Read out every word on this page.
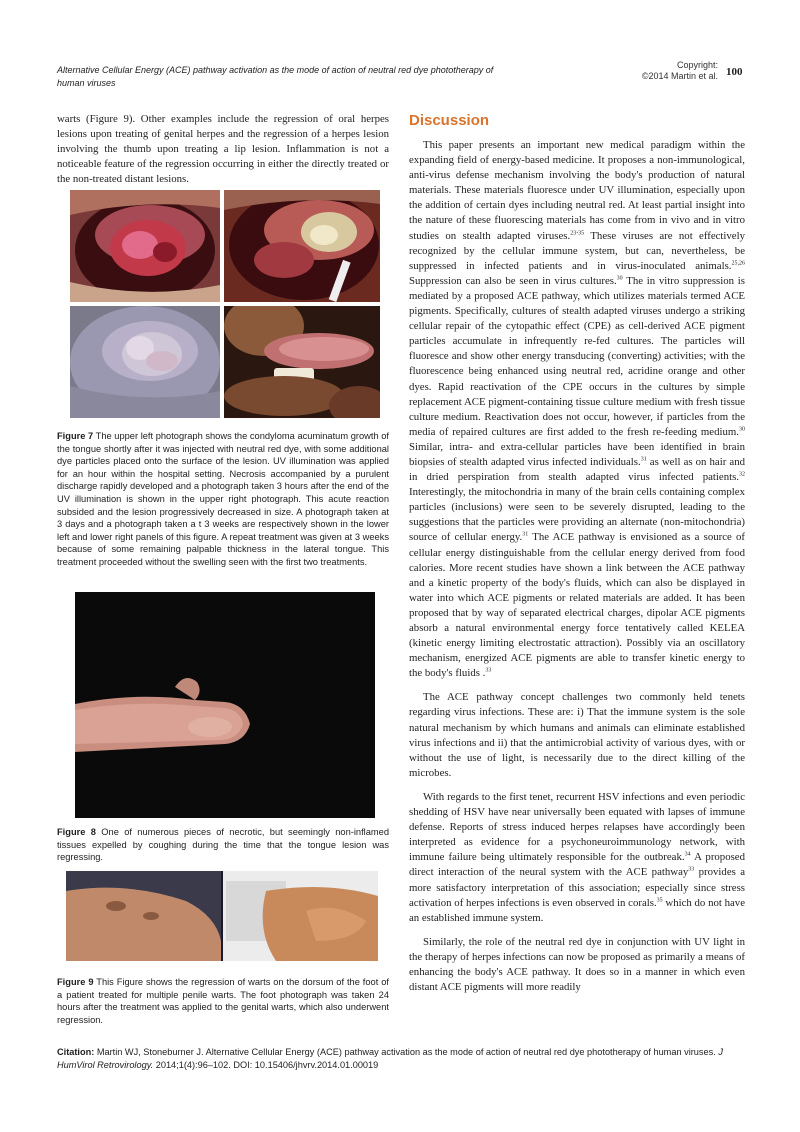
Alternative Cellular Energy (ACE) pathway activation as the mode of action of neutral red dye phototherapy of human viruses
Copyright:
©2014 Martin et al. 100

warts (Figure 9). Other examples include the regression of oral herpes lesions upon treating of genital herpes and the regression of a herpes lesion involving the thumb upon treating a lip lesion. Inflammation is not a noticeable feature of the regression occurring in either the directly treated or the non-treated distant lesions.

Figure 7 The upper left photograph shows the condyloma acuminatum growth of the tongue shortly after it was injected with neutral red dye, with some additional dye particles placed onto the surface of the lesion. UV illumination was applied for an hour within the hospital setting. Necrosis accompanied by a purulent discharge rapidly developed and a photograph taken 3 hours after the end of the UV illumination is shown in the upper right photograph. This acute reaction subsided and the lesion progressively decreased in size. A photograph taken at 3 days and a photograph taken a t 3 weeks are respectively shown in the lower left and lower right panels of this figure. A repeat treatment was given at 3 weeks because of some remaining palpable thickness in the lateral tongue. This treatment proceeded without the swelling seen with the first two treatments.
Figure 8 One of numerous pieces of necrotic, but seemingly non-inflamed tissues expelled by coughing during the time that the tongue lesion was regressing.
Figure 9 This Figure shows the regression of warts on the dorsum of the foot of a patient treated for multiple penile warts. The foot photograph was taken 24 hours after the treatment was applied to the genital warts, which also underwent regression.
Discussion

This paper presents an important new medical paradigm within the expanding field of energy-based medicine. It proposes a non-immunological, anti-virus defense mechanism involving the body's production of natural materials. These materials fluoresce under UV illumination, especially upon the addition of certain dyes including neutral red. At least partial insight into the nature of these fluorescing materials has come from in vivo and in vitro studies on stealth adapted viruses.$^{23-35}$ These viruses are not effectively recognized by the cellular immune system, but can, nevertheless, be suppressed in infected patients and in virus-inoculated animals.$^{25,26}$ Suppression can also be seen in virus cultures.$^{30}$ The in vitro suppression is mediated by a proposed ACE pathway, which utilizes materials termed ACE pigments. Specifically, cultures of stealth adapted viruses undergo a striking cellular repair of the cytopathic effect (CPE) as cell-derived ACE pigment particles accumulate in infrequently re-fed cultures. The particles will fluoresce and show other energy transducing (converting) activities; with the fluorescence being enhanced using neutral red, acridine orange and other dyes. Rapid reactivation of the CPE occurs in the cultures by simple replacement ACE pigment-containing tissue culture medium with fresh tissue culture medium. Reactivation does not occur, however, if particles from the media of repaired cultures are first added to the fresh re-feeding medium.$^{30}$ Similar, intra- and extra-cellular particles have been identified in brain biopsies of stealth adapted virus infected individuals.$^{31}$ as well as on hair and in dried perspiration from stealth adapted virus infected patients.$^{32}$ Interestingly, the mitochondria in many of the brain cells containing complex particles (inclusions) were seen to be severely disrupted, leading to the suggestions that the particles were providing an alternate (non-mitochondria) source of cellular energy.$^{31}$ The ACE pathway is envisioned as a source of cellular energy distinguishable from the cellular energy derived from food calories. More recent studies have shown a link between the ACE pathway and a kinetic property of the body's fluids, which can also be displayed in water into which ACE pigments or related materials are added. It has been proposed that by way of separated electrical charges, dipolar ACE pigments absorb a natural environmental energy force tentatively called KELEA (kinetic energy limiting electrostatic attraction). Possibly via an oscillatory mechanism, energized ACE pigments are able to transfer kinetic energy to the body's fluids .$^{33}$

The ACE pathway concept challenges two commonly held tenets regarding virus infections. These are: i) That the immune system is the sole natural mechanism by which humans and animals can eliminate established virus infections and ii) that the antimicrobial activity of various dyes, with or without the use of light, is necessarily due to the direct killing of the microbes.

With regards to the first tenet, recurrent HSV infections and even periodic shedding of HSV have near universally been equated with lapses of immune defense. Reports of stress induced herpes relapses have accordingly been interpreted as evidence for a psychoneuroimmunology network, with immune failure being ultimately responsible for the outbreak.$^{34}$ A proposed direct interaction of the neural system with the ACE pathway$^{33}$ provides a more satisfactory interpretation of this association; especially since stress activation of herpes infections is even observed in corals.$^{35}$ which do not have an established immune system.

Similarly, the role of the neutral red dye in conjunction with UV light in the therapy of herpes infections can now be proposed as primarily a means of enhancing the body's ACE pathway. It does so in a manner in which even distant ACE pigments will more readily

Citation: Martin WJ, Stoneburner J. Alternative Cellular Energy (ACE) pathway activation as the mode of action of neutral red dye phototherapy of human viruses. J HumVirol Retrovirology. 2014;1(4):96‒102. DOI: 10.15406/jhvrv.2014.01.00019
